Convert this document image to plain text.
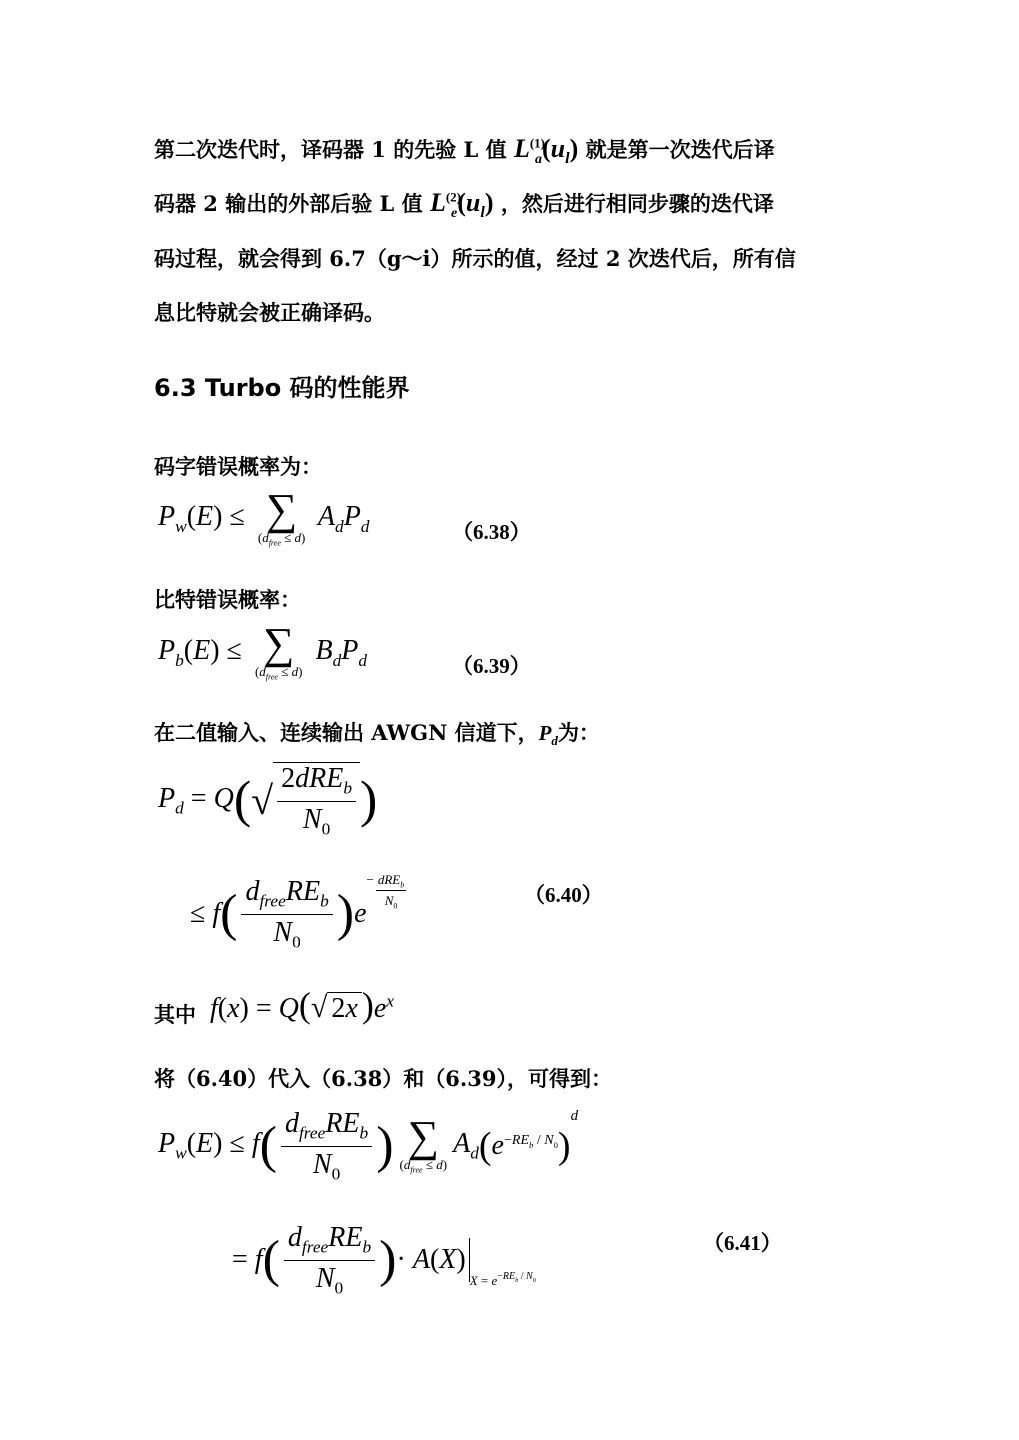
第二次迭代时，译码器 1 的先验 L 值 $L^{(1)}_a(u_l)$ 就是第一次迭代后译
码器 2 输出的外部后验 L 值 $L^{(2)}_e(u_l)$ ，然后进行相同步骤的迭代译
码过程，就会得到 6.7（g～i）所示的值，经过 2 次迭代后，所有信
息比特就会被正确译码。
6.3 Turbo 码的性能界
码字错误概率为：
$P_w(E)$ ≤ ∑
$(d_{free} \le d)$
$A_dP_d$	（6.38）
比特错误概率：
$P_b(E)$ ≤ ∑
$(d_{free} \le d)$
$B_dP_d$	（6.39）
在二值输入、连续输出 AWGN 信道下，$P_d$为：
$P_d = Q(√ \frac{2dRE_b}{N_0}$ )
≤ $f( \frac{d_{free}RE_b}{N_0} )e$
− $\frac{dRE_b}{N_0}$	（6.40）
其中 f(x) = Q(√ 2x )$e^x$
将（6.40）代入（6.38）和（6.39），可得到：
$P_w(E) \le f( \frac{d_{free}RE_b}{N_0}$ ) ∑
$(d_{free} \le d)$
$A_d(e^{-RE_b / N_0})^d$
= $f( \frac{d_{free}RE_b}{N_0}$ )· $A(X)_{X = e^{-RE_b / N_0}}$
（6.41）
